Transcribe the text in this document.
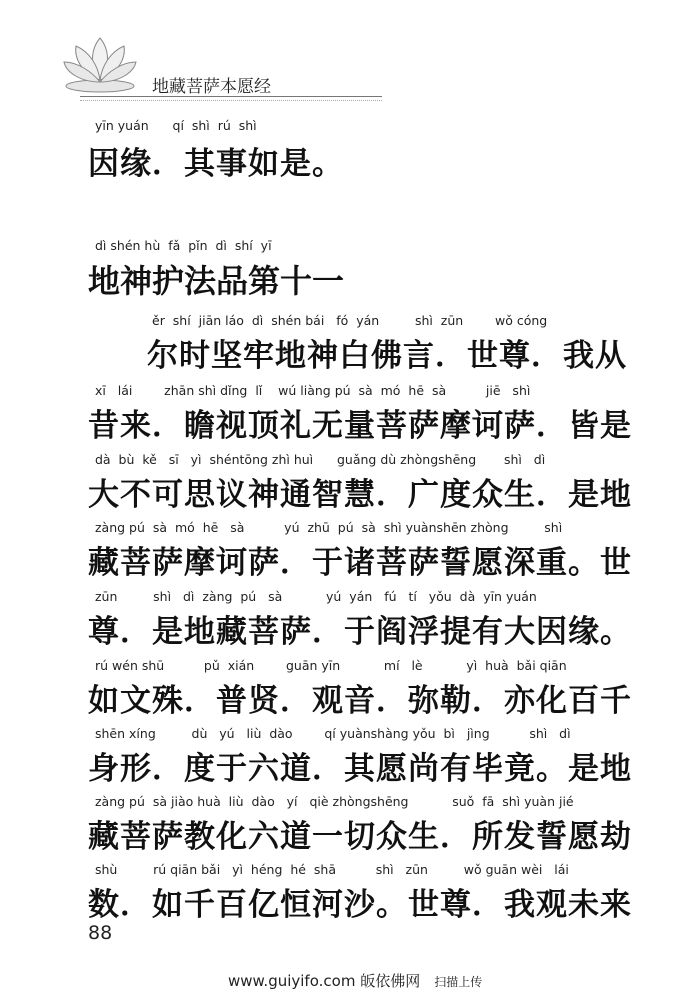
地藏菩萨本愿经
yīn yuán      qí  shì  rú  shì
因缘．其事如是。
dì shén hù  fǎ  pǐn  dì  shí  yī
地神护法品第十一
ěr  shí  jiān láo  dì  shén bái   fó  yán         shì  zūn        wǒ cóng
尔时坚牢地神白佛言．世尊．我从
xī   lái        zhān shì dǐng  lǐ    wú liàng pú  sà  mó  hē  sà          jiē   shì
昔来．瞻视顶礼无量菩萨摩诃萨．皆是
dà  bù  kě   sī   yì  shéntōng zhì huì      guǎng dù zhòngshēng       shì   dì
大不可思议神通智慧．广度众生．是地
zàng pú  sà  mó  hē   sà          yú  zhū  pú  sà  shì yuànshēn zhòng         shì
藏菩萨摩诃萨．于诸菩萨誓愿深重。世
zūn         shì   dì  zàng  pú   sà           yú  yán   fú   tí   yǒu  dà  yīn yuán
尊．是地藏菩萨．于阎浮提有大因缘。
rú wén shū          pǔ  xián        guān yīn           mí   lè           yì  huà  bǎi qiān
如文殊．普贤．观音．弥勒．亦化百千
shēn xíng         dù   yú   liù  dào        qí yuànshàng yǒu  bì   jìng          shì   dì
身形．度于六道．其愿尚有毕竟。是地
zàng pú  sà jiào huà  liù  dào   yí   qiè zhòngshēng           suǒ  fā  shì yuàn jié
藏菩萨教化六道一切众生．所发誓愿劫
shù         rú qiān bǎi   yì  héng  hé  shā          shì   zūn         wǒ guān wèi   lái
数．如千百亿恒河沙。世尊．我观未来
88
www.guiyifo.com 皈依佛网 扫描上传
